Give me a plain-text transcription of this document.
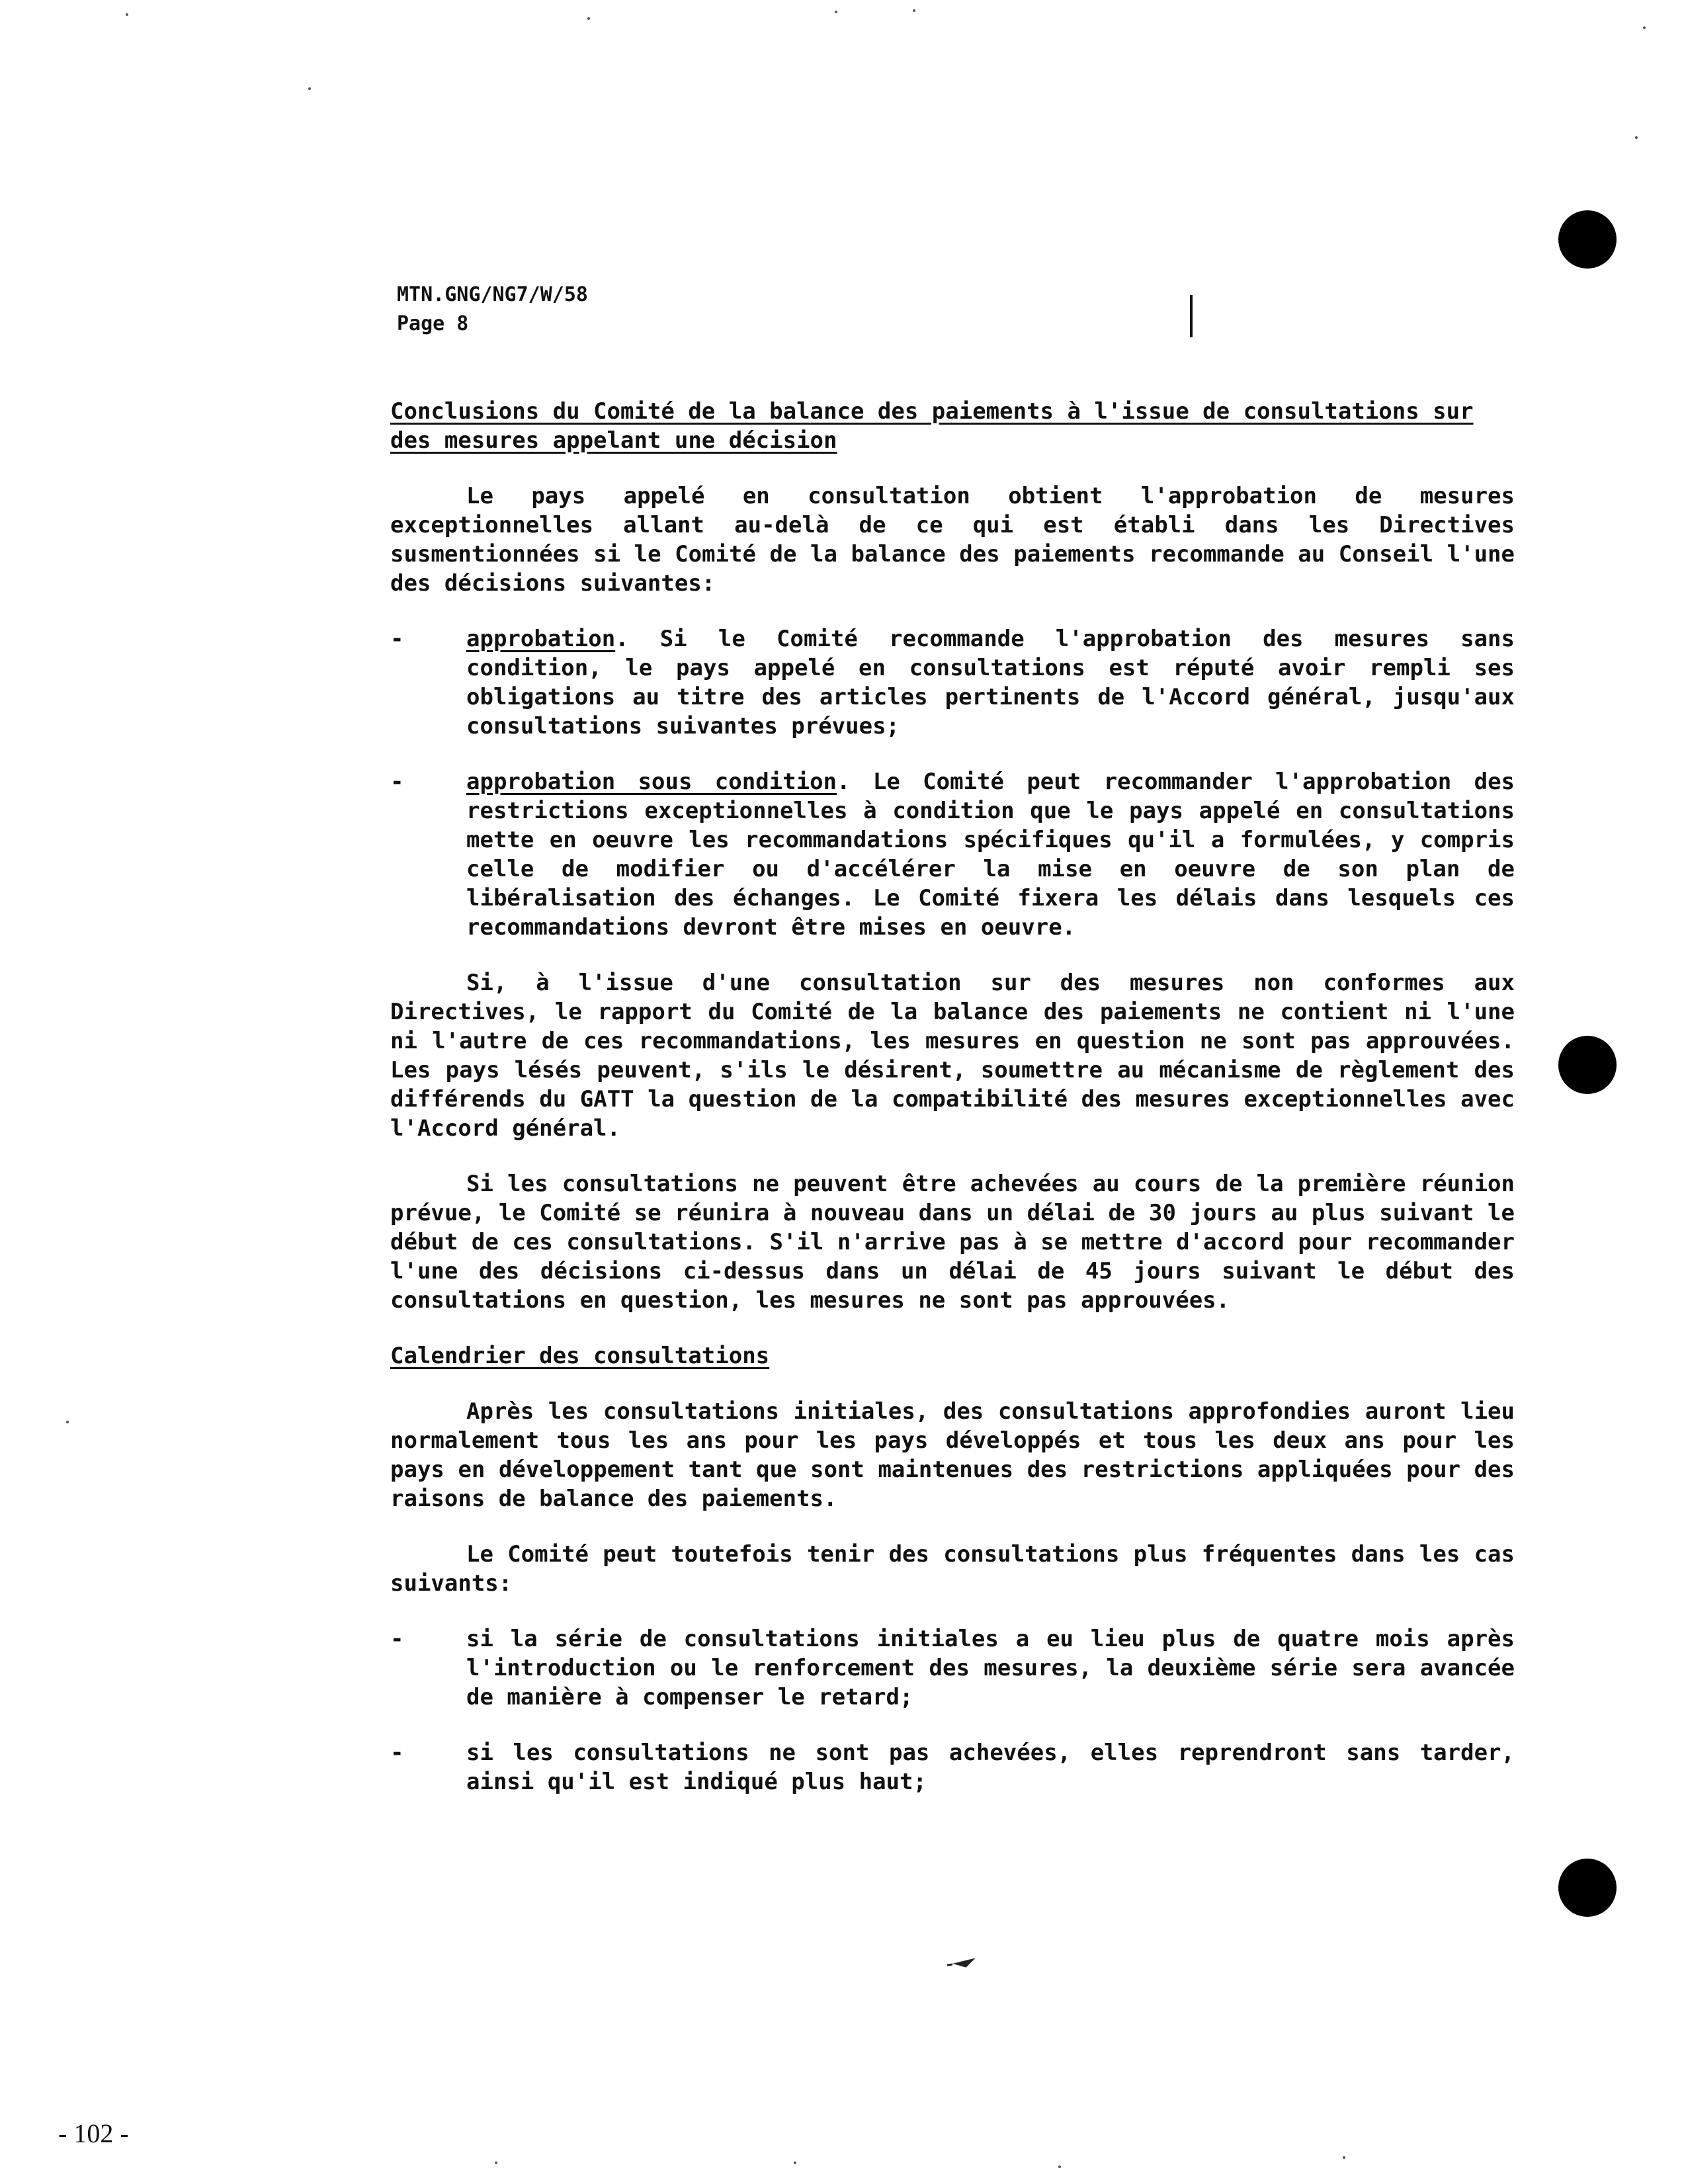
MTN.GNG/NG7/W/58
Page 8
Conclusions du Comité de la balance des paiements à l'issue de consultations sur des mesures appelant une décision

Le pays appelé en consultation obtient l'approbation de mesures exceptionnelles allant au-delà de ce qui est établi dans les Directives susmentionnées si le Comité de la balance des paiements recommande au Conseil l'une des décisions suivantes:

-	approbation. Si le Comité recommande l'approbation des mesures sans condition, le pays appelé en consultations est réputé avoir rempli ses obligations au titre des articles pertinents de l'Accord général, jusqu'aux consultations suivantes prévues;
-	approbation sous condition. Le Comité peut recommander l'approbation des restrictions exceptionnelles à condition que le pays appelé en consultations mette en oeuvre les recommandations spécifiques qu'il a formulées, y compris celle de modifier ou d'accélérer la mise en oeuvre de son plan de libéralisation des échanges. Le Comité fixera les délais dans lesquels ces recommandations devront être mises en oeuvre.

Si, à l'issue d'une consultation sur des mesures non conformes aux Directives, le rapport du Comité de la balance des paiements ne contient ni l'une ni l'autre de ces recommandations, les mesures en question ne sont pas approuvées. Les pays lésés peuvent, s'ils le désirent, soumettre au mécanisme de règlement des différends du GATT la question de la compatibilité des mesures exceptionnelles avec l'Accord général.

Si les consultations ne peuvent être achevées au cours de la première réunion prévue, le Comité se réunira à nouveau dans un délai de 30 jours au plus suivant le début de ces consultations. S'il n'arrive pas à se mettre d'accord pour recommander l'une des décisions ci-dessus dans un délai de 45 jours suivant le début des consultations en question, les mesures ne sont pas approuvées.

Calendrier des consultations

Après les consultations initiales, des consultations approfondies auront lieu normalement tous les ans pour les pays développés et tous les deux ans pour les pays en développement tant que sont maintenues des restrictions appliquées pour des raisons de balance des paiements.

Le Comité peut toutefois tenir des consultations plus fréquentes dans les cas suivants:

-	si la série de consultations initiales a eu lieu plus de quatre mois après l'introduction ou le renforcement des mesures, la deuxième série sera avancée de manière à compenser le retard;
-	si les consultations ne sont pas achevées, elles reprendront sans tarder, ainsi qu'il est indiqué plus haut;
- 102 -
